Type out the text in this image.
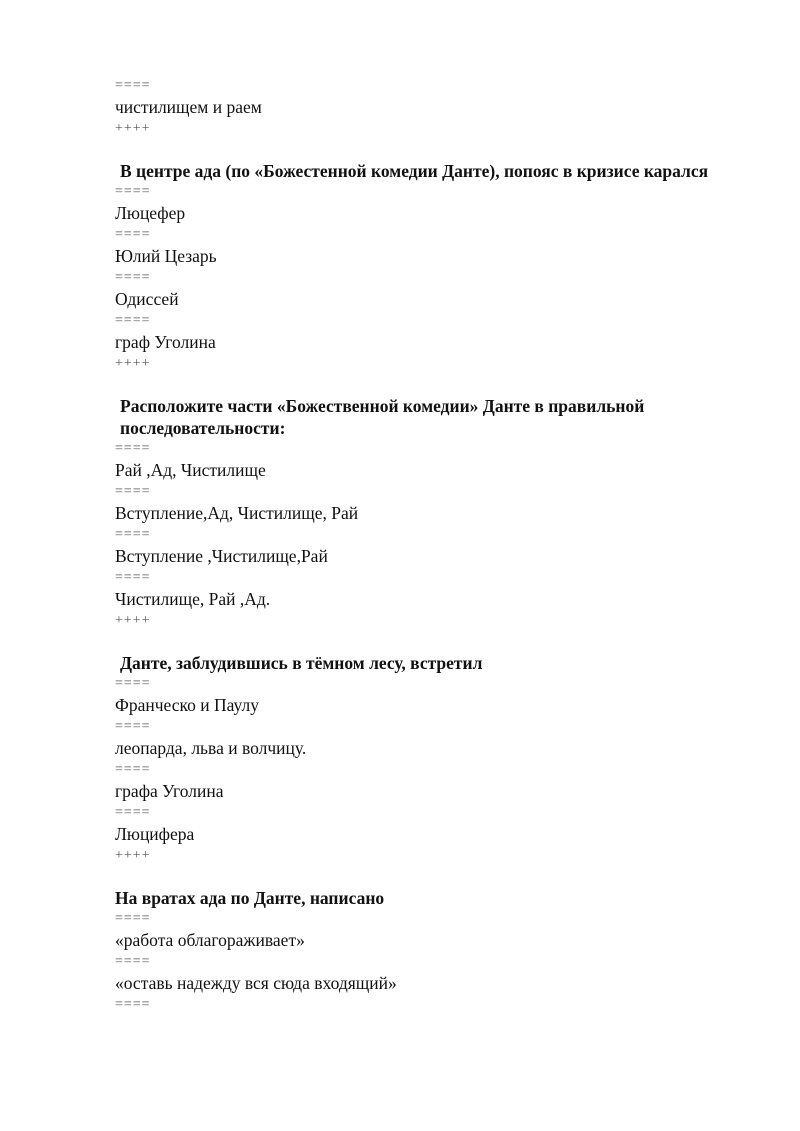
====
чистилищем и раем
++++
В центре ада (по «Божестенной комедии Данте), попояс в кризисе карался
====
Люцефер
====
Юлий Цезарь
====
Одиссей
====
граф Уголина
++++
Расположите части «Божественной комедии» Данте в правильной последовательности:
====
Рай ,Ад, Чистилище
====
Вступление,Ад, Чистилище, Рай
====
Вступление ,Чистилище,Рай
====
Чистилище, Рай ,Ад.
++++
Данте, заблудившись в тёмном лесу, встретил
====
Франческо и Паулу
====
леопарда, льва и волчицу.
====
графа Уголина
====
Люцифера
++++
На вратах ада по Данте, написано
====
«работа облагораживает»
====
«оставь надежду вся сюда входящий»
====
